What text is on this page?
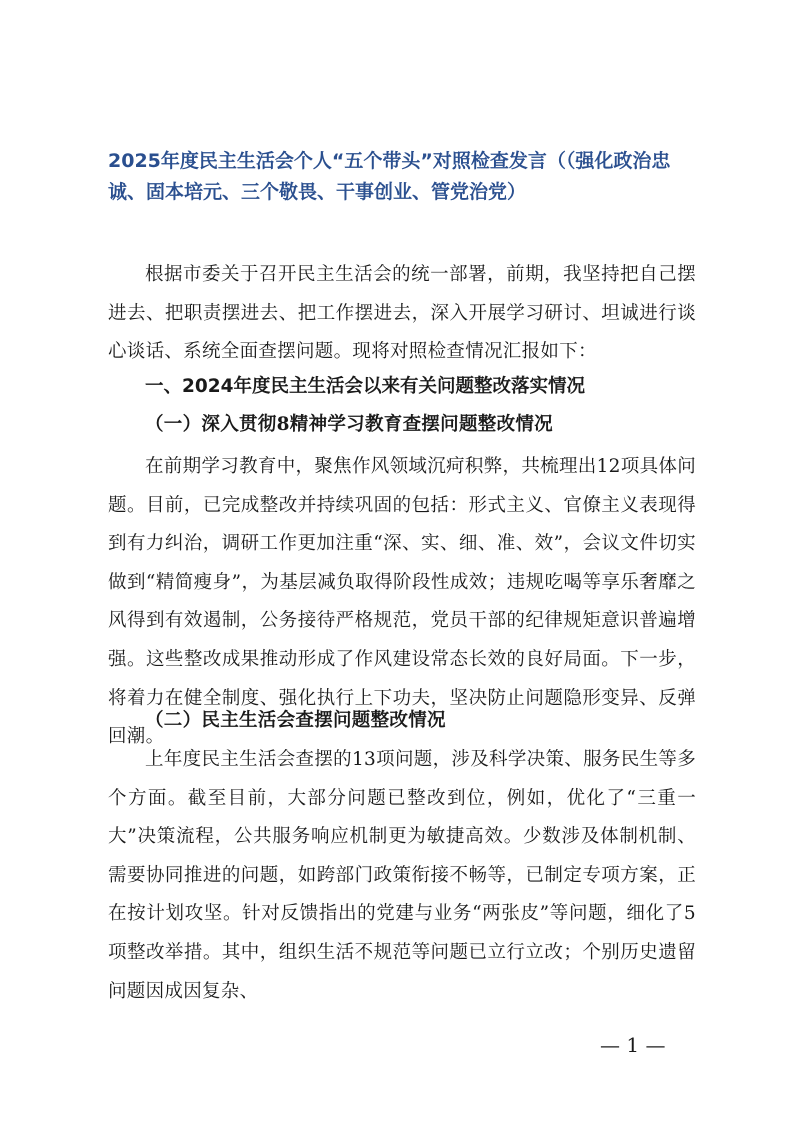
2025年度民主生活会个人“五个带头”对照检查发言（（强化政治忠诚、固本培元、三个敬畏、干事创业、管党治党）

根据市委关于召开民主生活会的统一部署，前期，我坚持把自己摆进去、把职责摆进去、把工作摆进去，深入开展学习研讨、坦诚进行谈心谈话、系统全面查摆问题。现将对照检查情况汇报如下：

一、2024年度民主生活会以来有关问题整改落实情况
（一）深入贯彻8精神学习教育查摆问题整改情况

在前期学习教育中，聚焦作风领域沉疴积弊，共梳理出12项具体问题。目前，已完成整改并持续巩固的包括：形式主义、官僚主义表现得到有力纠治，调研工作更加注重“深、实、细、准、效”，会议文件切实做到“精简瘦身”，为基层减负取得阶段性成效；违规吃喝等享乐奢靡之风得到有效遏制，公务接待严格规范，党员干部的纪律规矩意识普遍增强。这些整改成果推动形成了作风建设常态长效的良好局面。下一步，将着力在健全制度、强化执行上下功夫，坚决防止问题隐形变异、反弹回潮。

（二）民主生活会查摆问题整改情况

上年度民主生活会查摆的13项问题，涉及科学决策、服务民生等多个方面。截至目前，大部分问题已整改到位，例如，优化了“三重一大”决策流程，公共服务响应机制更为敏捷高效。少数涉及体制机制、需要协同推进的问题，如跨部门政策衔接不畅等，已制定专项方案，正在按计划攻坚。针对反馈指出的党建与业务“两张皮”等问题，细化了5项整改举措。其中，组织生活不规范等问题已立行立改；个别历史遗留问题因成因复杂、

— 1 —
